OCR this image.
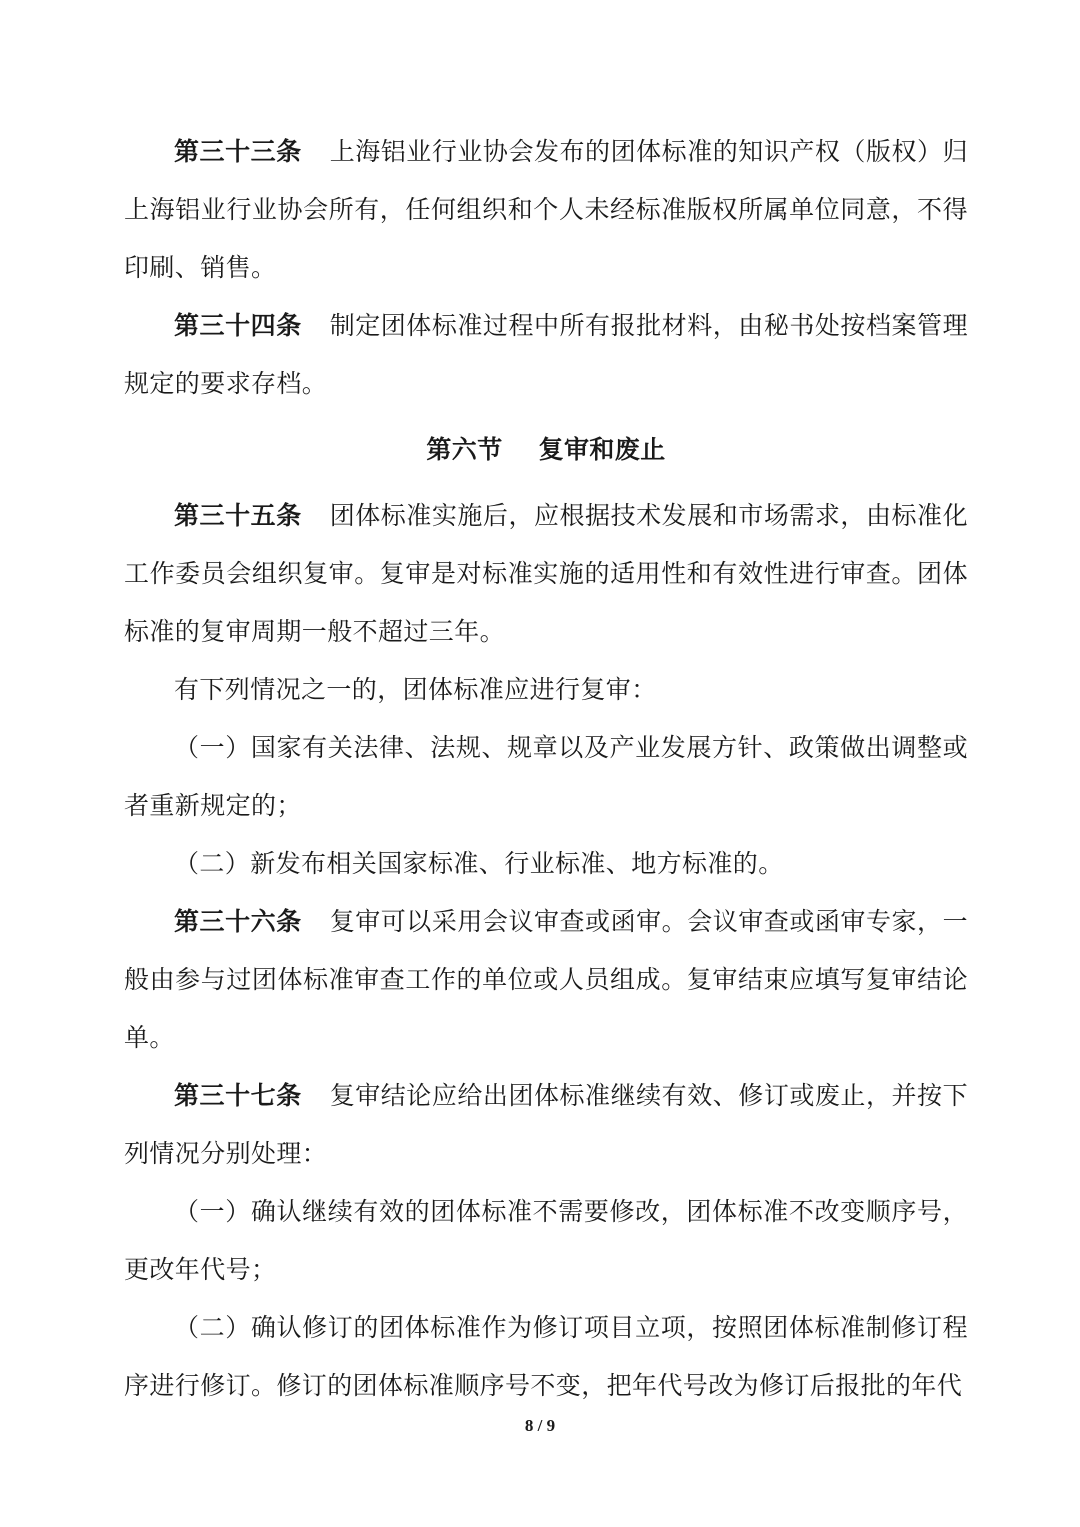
第三十三条 上海铝业行业协会发布的团体标准的知识产权（版权）归上海铝业行业协会所有，任何组织和个人未经标准版权所属单位同意，不得印刷、销售。

第三十四条 制定团体标准过程中所有报批材料，由秘书处按档案管理规定的要求存档。

第六节 复审和废止

第三十五条 团体标准实施后，应根据技术发展和市场需求，由标准化工作委员会组织复审。复审是对标准实施的适用性和有效性进行审查。团体标准的复审周期一般不超过三年。

有下列情况之一的，团体标准应进行复审：

（一）国家有关法律、法规、规章以及产业发展方针、政策做出调整或者重新规定的；

（二）新发布相关国家标准、行业标准、地方标准的。

第三十六条 复审可以采用会议审查或函审。会议审查或函审专家，一般由参与过团体标准审查工作的单位或人员组成。复审结束应填写复审结论单。

第三十七条 复审结论应给出团体标准继续有效、修订或废止，并按下列情况分别处理：

（一）确认继续有效的团体标准不需要修改，团体标准不改变顺序号，更改年代号；

（二）确认修订的团体标准作为修订项目立项，按照团体标准制修订程序进行修订。修订的团体标准顺序号不变，把年代号改为修订后报批的年代

8 / 9
